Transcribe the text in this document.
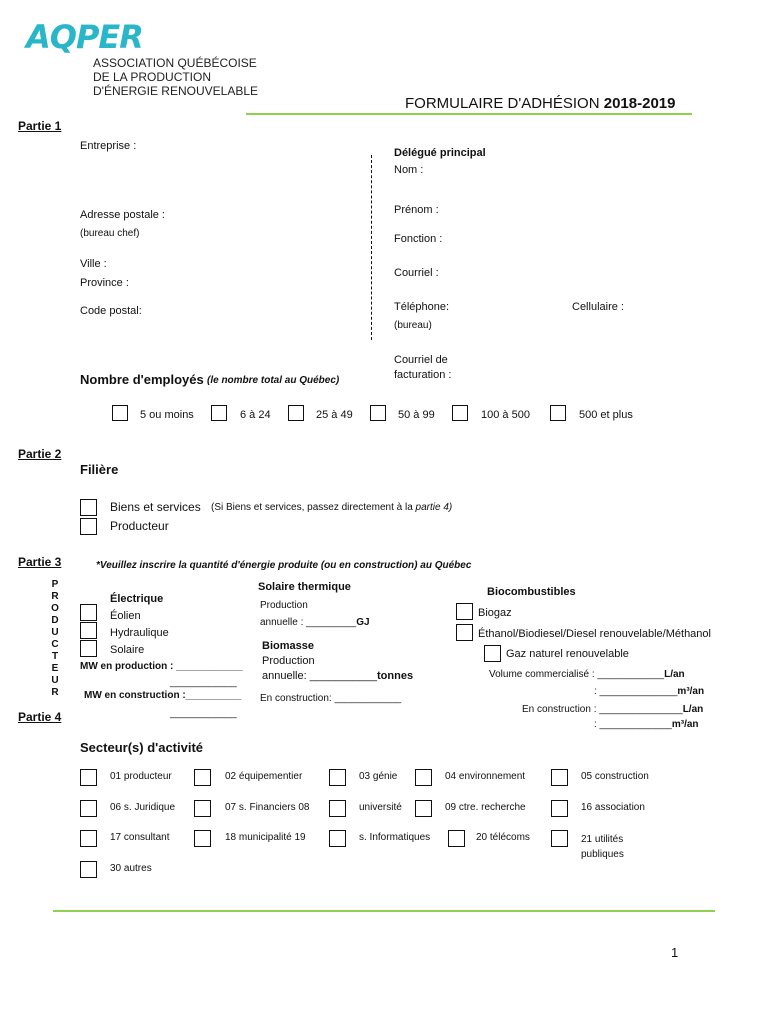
AQPER
ASSOCIATION QUÉBÉCOISE
DE LA PRODUCTION
D'ÉNERGIE RENOUVELABLE
FORMULAIRE D'ADHÉSION 2018-2019
Partie 1
Entreprise :
Adresse postale :
(bureau chef)
Ville :
Province :
Code postal:
Délégué principal
Nom :
Prénom :
Fonction :
Courriel :
Téléphone:	Cellulaire :
(bureau)
Courriel de
facturation :
Nombre d'employés (le nombre total au Québec)
5 ou moins	6 à 24	25 à 49	50 à 99	100 à 500	500 et plus
Partie 2
Filière
Biens et services (Si Biens et services, passez directement à la partie 4)
Producteur
Partie 3
P
R
O
D
U
C
T
E
U
R
*Veuillez inscrire la quantité d'énergie produite (ou en construction) au Québec
Électrique
Éolien
Hydraulique
Solaire
MW en production : ____________
____________
MW en construction :__________
____________
Solaire thermique
Production
annuelle : _________GJ
Biomasse
Production
annuelle: ___________tonnes
En construction: ____________
Biocombustibles
Biogaz
Éthanol/Biodiesel/Diesel renouvelable/Méthanol
Gaz naturel renouvelable
Volume commercialisé : ____________L/an
: ______________m³/an
En construction : _______________L/an
: _____________m³/an
Partie 4
Secteur(s) d'activité
01 producteur	02 équipementier	03 génie	04 environnement	05 construction
06 s. Juridique	07 s. Financiers 08	université	09 ctre. recherche	16 association
17 consultant	18 municipalité 19	s. Informatiques	20 télécoms	21 utilités
publiques
30 autres
1
